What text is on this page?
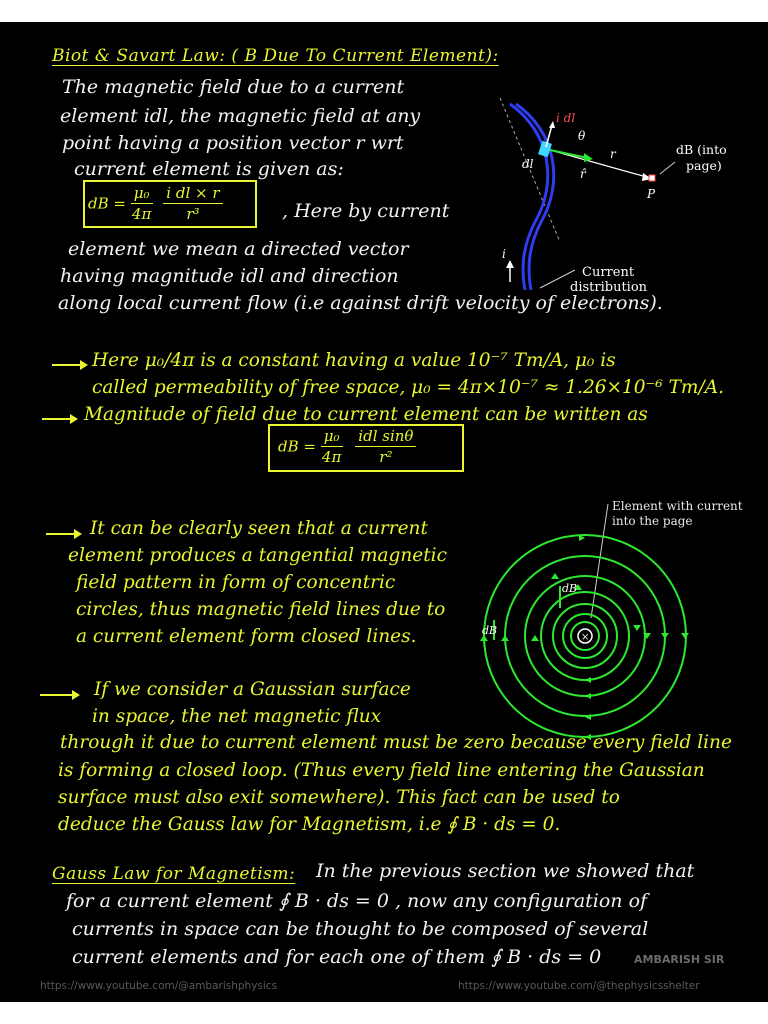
Biot & Savart Law: ( B Due To Current Element):
The magnetic field due to a current
element idl, the magnetic field at any
point having a position vector r wrt
current element is given as:
dB = $\frac{\text{μ₀}}{4\pi}$
$\frac{\text{i dl × r}}{\text{r³}}$	, Here by current
element we mean a directed vector
having magnitude idl and direction
along local current flow (i.e against drift velocity of electrons).
i dl
θ
r
r̂
dl
dB (into
page)
P
i
Current
distribution
Here μ₀/4π is a constant having a value 10⁻⁷ Tm/A, μ₀ is
called permeability of free space, μ₀ = 4π×10⁻⁷ ≈ 1.26×10⁻⁶ Tm/A.
Magnitude of field due to current element can be written as
dB = $\frac{\text{μ₀}}{4\pi}$
idl sinθ
r²
It can be clearly seen that a current
element produces a tangential magnetic
field pattern in form of concentric
circles, thus magnetic field lines due to
a current element form closed lines.
Element with current
into the page
×
dB
dB
If we consider a Gaussian surface
in space, the net magnetic flux
through it due to current element must be zero because every field line
is forming a closed loop. (Thus every field line entering the Gaussian
surface must also exit somewhere). This fact can be used to
deduce the Gauss law for Magnetism, i.e ∮ B · ds = 0.
Gauss Law for Magnetism: In the previous section we showed that
for a current element ∮ B · ds = 0 , now any configuration of
currents in space can be thought to be composed of several
current elements and for each one of them ∮ B · ds = 0	AMBARISH SIR
https://www.youtube.com/@ambarishphysics	https://www.youtube.com/@thephysicsshelter
